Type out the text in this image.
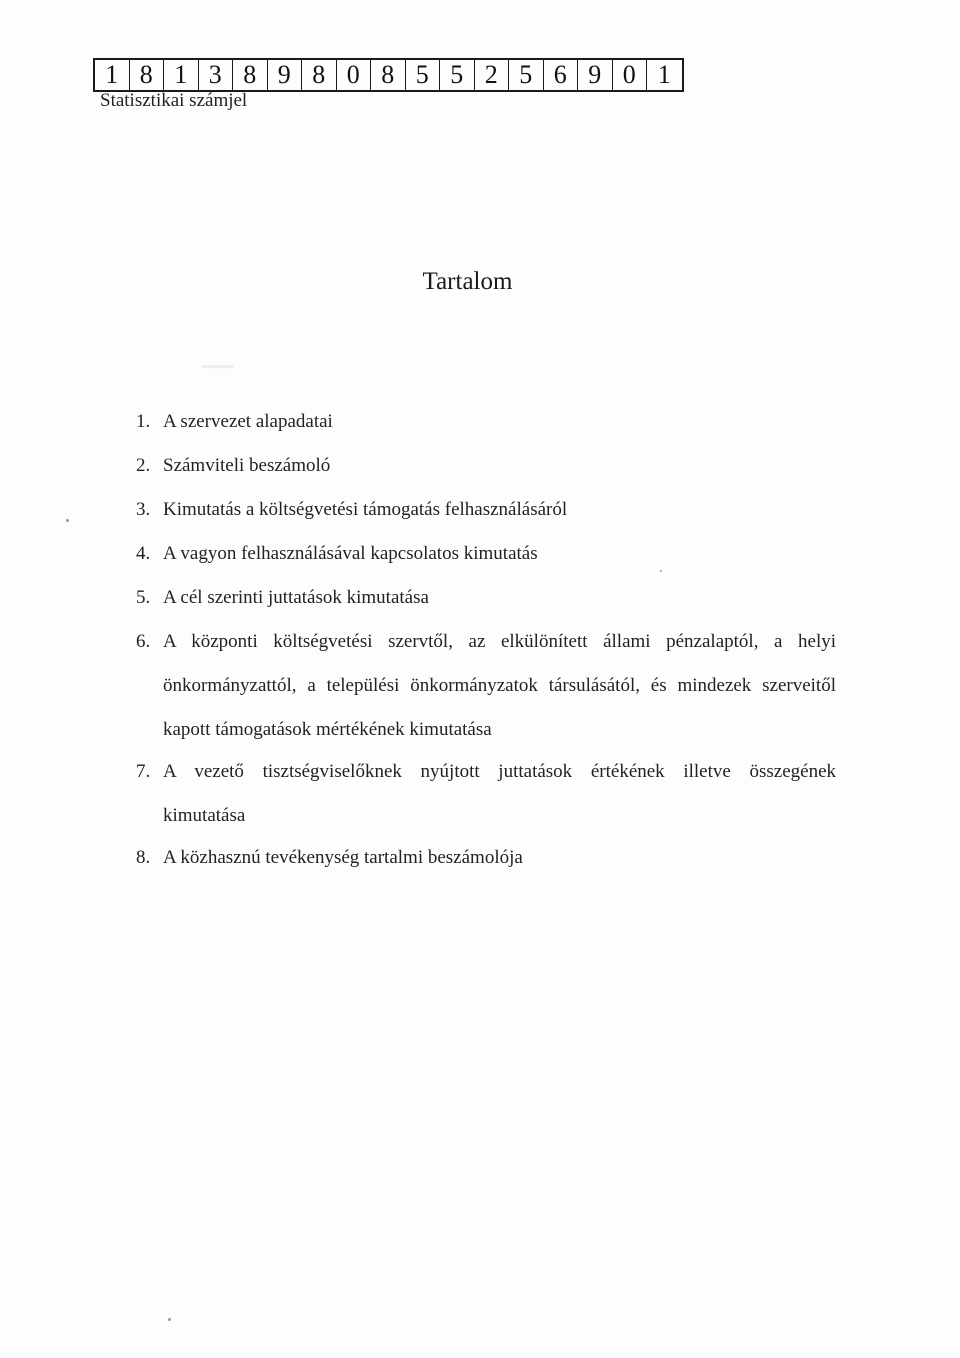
─
1 8 1 3 8 9 8 0 8 5 5 2 5 6 9 0 1
Statisztikai számjel
Tartalom
1. A szervezet alapadatai
2. Számviteli beszámoló
3. Kimutatás a költségvetési támogatás felhasználásáról
4. A vagyon felhasználásával kapcsolatos kimutatás
5. A cél szerinti juttatások kimutatása
6. A központi költségvetési szervtől, az elkülönített állami pénzalaptól, a helyi
önkormányzattól, a települési önkormányzatok társulásától, és mindezek szerveitől
kapott támogatások mértékének kimutatása
7. A vezető tisztségviselőknek nyújtott juttatások értékének illetve összegének
kimutatása
8. A közhasznú tevékenység tartalmi beszámolója
